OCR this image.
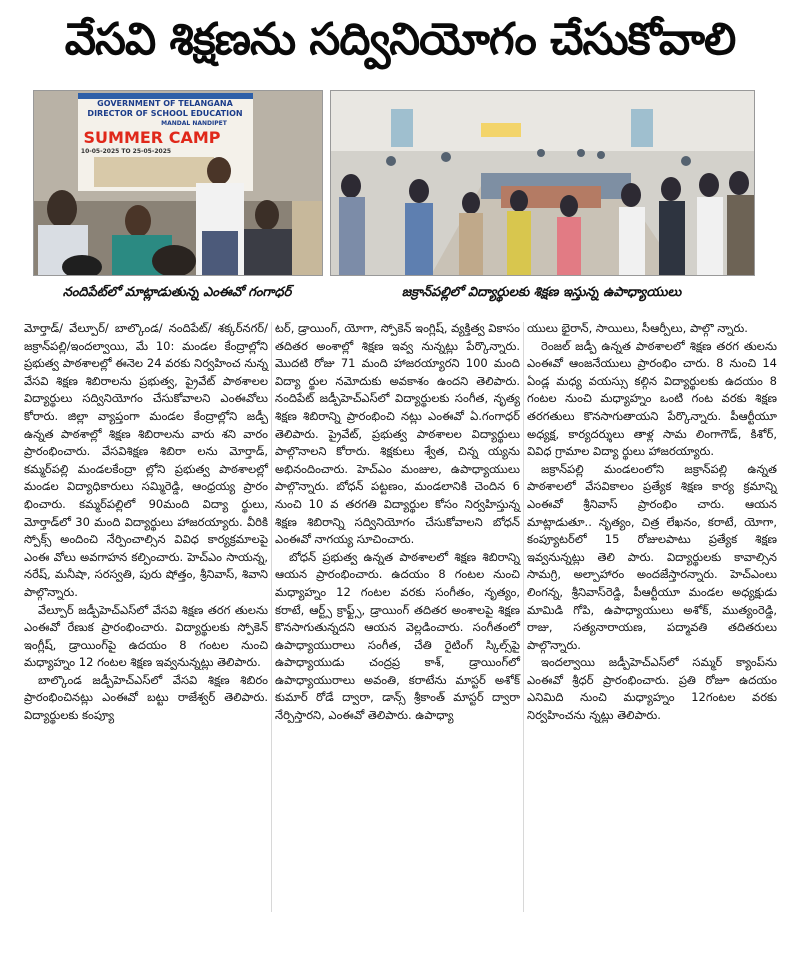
వేసవి శిక్షణను సద్వినియోగం చేసుకోవాలి
GOVERNMENT OF TELANGANA
DIRECTOR OF SCHOOL EDUCATION
MANDAL NANDIPET
SUMMER CAMP
10-05-2025 TO 25-05-2025
నందిపేట్‌లో మాట్లాడుతున్న ఎంఈవో గంగాధర్	జక్రాన్‌పల్లిలో విద్యార్థులకు శిక్షణ ఇస్తున్న ఉపాధ్యాయులు

మోర్తాడ్/ వేల్పూర్/ బాల్కొండ/ నందిపేట్/ శక్కర్‌నగర్/జక్రాన్‌పల్లి/ఇందల్వాయి, మే 10: మండల కేంద్రాల్లోని ప్రభుత్వ పాఠశాలల్లో ఈనెల 24 వరకు నిర్వహించ నున్న వేసవి శిక్షణ శిబిరాలను ప్రభుత్వ, ప్రైవేట్ పాఠశాలల విద్యార్థులు సద్వినియోగం చేసుకోవాలని ఎంఈవోలు కోరారు. జిల్లా వ్యాప్తంగా మండల కేంద్రాల్లోని జడ్పీ ఉన్నత పాఠశాల్లో శిక్షణ శిబిరాలను వారు శని వారం ప్రారంభించారు. వేసవిశిక్షణ శిబిరా లను మోర్తాడ్, కమ్మర్‌పల్లి మండలకేంద్రా ల్లోని ప్రభుత్వ పాఠశాలల్లో మండల విద్యాధికారులు సమ్మిరెడ్డి, ఆంధ్రయ్య ప్రారం భించారు. కమ్మర్‌పల్లిలో 90మంది విద్యా ర్థులు, మోర్తాడ్‌లో 30 మంది విద్యార్థులు హాజరయ్యారు. వీరికి స్పోక్స్ అందించి నేర్పించాల్సిన వివిధ కార్యక్రమాలపై ఎంఈ వోలు అవగాహన కల్పించారు. హెచ్‌ఎం సాయన్న, నరేష్, మనీషా, సరస్వతి, పురు షోత్తం, శ్రీనివాస్, శివాని పాల్గొన్నారు.

వేల్పూర్ జడ్పీహెచ్‌ఎస్‌లో వేసవి శిక్షణ తరగ తులను ఎంఈవో రేణుక ప్రారంభించారు. విద్యార్థులకు స్పోకెన్ ఇంగ్లీష్, డ్రాయింగ్‌పై ఉదయం 8 గంటల నుంచి మధ్యాహ్నం 12 గంటల శిక్షణ ఇవ్వనున్నట్లు తెలిపారు.

బాల్కొండ జడ్పీహెచ్‌ఎస్‌లో వేసవి శిక్షణ శిబిరం ప్రారంభించినట్లు ఎంఈవో బట్టు రాజేశ్వర్ తెలిపారు. విద్యార్థులకు కంప్యూ

టర్, డ్రాయింగ్, యోగా, స్పోకెన్ ఇంగ్లిష్, వ్యక్తిత్వ వికాసం తదితర అంశాల్లో శిక్షణ ఇవ్వ నున్నట్లు పేర్కొన్నారు. మొదటి రోజు 71 మంది హాజరయ్యారని 100 మంది విద్యా ర్థుల నమోదుకు అవకాశం ఉందని తెలిపారు. నందిపేట్ జడ్పీహెచ్‌ఎస్‌లో విద్యార్థులకు సంగీత, నృత్య శిక్షణ శిబిరాన్ని ప్రారంభించి నట్లు ఎంఈవో ఏ.గంగాధర్ తెలిపారు. ప్రైవేట్, ప్రభుత్వ పాఠశాలల విద్యార్థులు పాల్గొనాలని కోరారు. శిక్షకులు శ్వేత, చిన్న య్యను అభినందించారు. హెచ్‌ఎం మంజుల, ఉపాధ్యాయులు పాల్గొన్నారు. బోధన్ పట్టణం, మండలానికి చెందిన 6 నుంచి 10 వ తరగతి విద్యార్థుల కోసం నిర్వహిస్తున్న శిక్షణ శిబిరాన్ని సద్వినియోగం చేసుకోవాలని బోధన్ ఎంఈవో నాగయ్య సూచించారు.

బోధన్ ప్రభుత్వ ఉన్నత పాఠశాలలో శిక్షణ శిబిరాన్ని ఆయన ప్రారంభించారు. ఉదయం 8 గంటల నుంచి మధ్యాహ్నం 12 గంటల వరకు సంగీతం, నృత్యం, కరాటే, ఆర్ట్స్ క్రాఫ్ట్స్, డ్రాయింగ్ తదితర అంశాలపై శిక్షణ కొనసాగుతున్నదని ఆయన వెల్లడించారు. సంగీతంలో ఉపాధ్యాయురాలు సంగీత, చేతి రైటింగ్ స్కిల్స్‌పై ఉపాధ్యాయుడు చంద్రప్ర కాశ్, డ్రాయింగ్‌లో ఉపాధ్యాయురాలు అవంతి, కరాటేను మాస్టర్ అశోక్ కుమార్ రోడే ద్వారా, డాన్స్ శ్రీకాంత్ మాస్టర్ ద్వారా నేర్పిస్తారని, ఎంఈవో తెలిపారు. ఉపాధ్యా

యులు భైరాన్, సాయిలు, సీఆర్పీలు, పాల్గొ న్నారు.

రెంజల్ జడ్పీ ఉన్నత పాఠశాలలో శిక్షణ తరగ తులను ఎంఈవో ఆంజనేయులు ప్రారంభిం చారు. 8 నుంచి 14 ఏండ్ల మధ్య వయస్సు కల్గిన విద్యార్థులకు ఉదయం 8 గంటల నుంచి మధ్యాహ్నం ఒంటి గంట వరకు శిక్షణ తరగతులు కొనసాగుతాయని పేర్కొన్నారు. పీఆర్టీయూ అధ్యక్ష, కార్యదర్శులు తాళ్ల సామ లింగాగౌడ్, కిశోర్, వివిధ గ్రామాల విద్యా ర్థులు హాజరయ్యారు.

జక్రాన్‌పల్లి మండలంలోని జక్రాన్‌పల్లి ఉన్నత పాఠశాలలో వేసవికాలం ప్రత్యేక శిక్షణ కార్య క్రమాన్ని ఎంఈవో శ్రీనివాస్ ప్రారంభిం చారు. ఆయన మాట్లాడుతూ.. నృత్యం, చిత్ర లేఖనం, కరాటే, యోగా, కంప్యూటర్‌లో 15 రోజులపాటు ప్రత్యేక శిక్షణ ఇవ్వనున్నట్లు తెలి పారు. విద్యార్థులకు కావాల్సిన సామగ్రి, అల్పాహారం అందజేస్తారన్నారు. హెచ్‌ఎంలు లింగన్న, శ్రీనివాస్‌రెడ్డి, పీఆర్టీయూ మండల అధ్యక్షుడు మామిడి గోపి, ఉపాధ్యాయులు అశోక్, ముత్యంరెడ్డి, రాజు, సత్యనారాయణ, పద్మావతి తదితరులు పాల్గొన్నారు.

ఇందల్వాయి జడ్పీహెచ్‌ఎస్‌లో సమ్మర్ క్యాంప్‌ను ఎంఈవో శ్రీధర్ ప్రారంభించారు. ప్రతి రోజూ ఉదయం ఎనిమిది నుంచి మధ్యాహ్నం 12గంటల వరకు నిర్వహించను న్నట్లు తెలిపారు.
